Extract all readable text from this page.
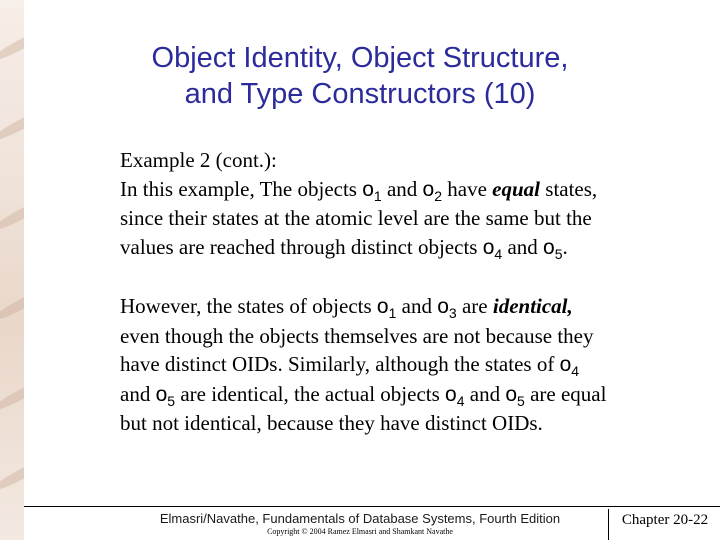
Object Identity, Object Structure,
and Type Constructors (10)

Example 2 (cont.):

In this example, The objects $o_1$ and $o_2$ have equal states,

since their states at the atomic level are the same but the

values are reached through distinct objects $o_4$ and $o_5$.

However, the states of objects $o_1$ and $o_3$ are identical,

even though the objects themselves are not because they

have distinct OIDs. Similarly, although the states of $o_4$

and $o_5$ are identical, the actual objects $o_4$ and $o_5$ are equal

but not identical, because they have distinct OIDs.

Elmasri/Navathe, Fundamentals of Database Systems, Fourth Edition
Copyright © 2004 Ramez Elmasri and Shamkant Navathe
Chapter 20-22
